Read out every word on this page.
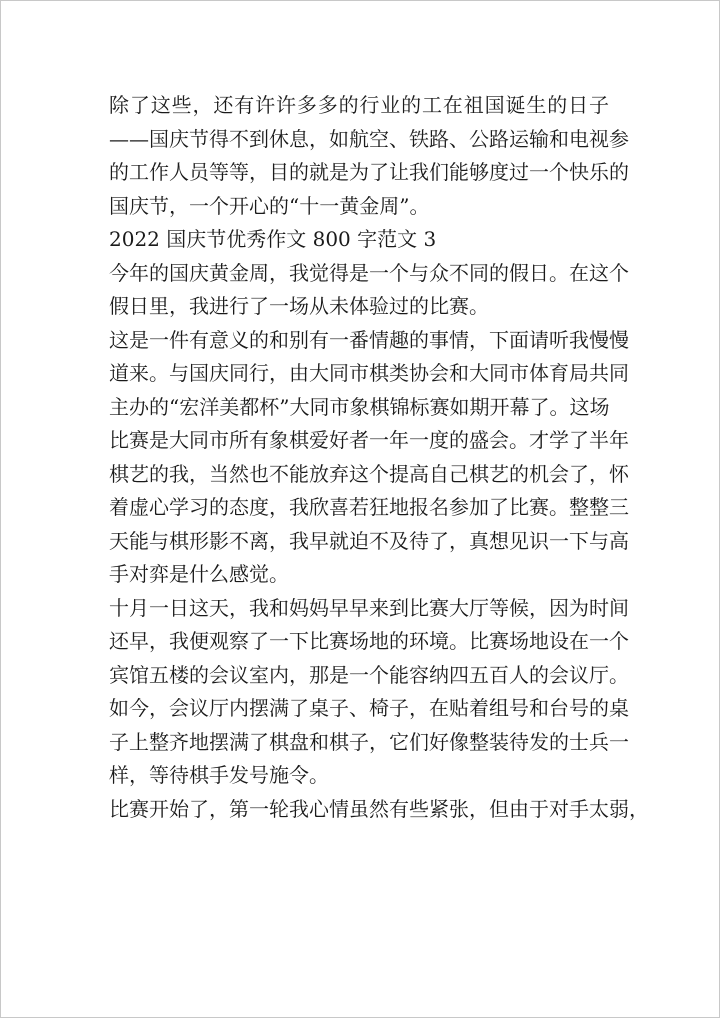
除了这些，还有许许多多的行业的工在祖国诞生的日子
——国庆节得不到休息，如航空、铁路、公路运输和电视参
的工作人员等等，目的就是为了让我们能够度过一个快乐的
国庆节，一个开心的“十一黄金周”。
2022 国庆节优秀作文 800 字范文 3
今年的国庆黄金周，我觉得是一个与众不同的假日。在这个
假日里，我进行了一场从未体验过的比赛。
这是一件有意义的和别有一番情趣的事情，下面请听我慢慢
道来。与国庆同行，由大同市棋类协会和大同市体育局共同
主办的“宏洋美都杯”大同市象棋锦标赛如期开幕了。这场
比赛是大同市所有象棋爱好者一年一度的盛会。才学了半年
棋艺的我，当然也不能放弃这个提高自己棋艺的机会了，怀
着虚心学习的态度，我欣喜若狂地报名参加了比赛。整整三
天能与棋形影不离，我早就迫不及待了，真想见识一下与高
手对弈是什么感觉。
十月一日这天，我和妈妈早早来到比赛大厅等候，因为时间
还早，我便观察了一下比赛场地的环境。比赛场地设在一个
宾馆五楼的会议室内，那是一个能容纳四五百人的会议厅。
如今，会议厅内摆满了桌子、椅子，在贴着组号和台号的桌
子上整齐地摆满了棋盘和棋子，它们好像整装待发的士兵一
样，等待棋手发号施令。
比赛开始了，第一轮我心情虽然有些紧张，但由于对手太弱，
